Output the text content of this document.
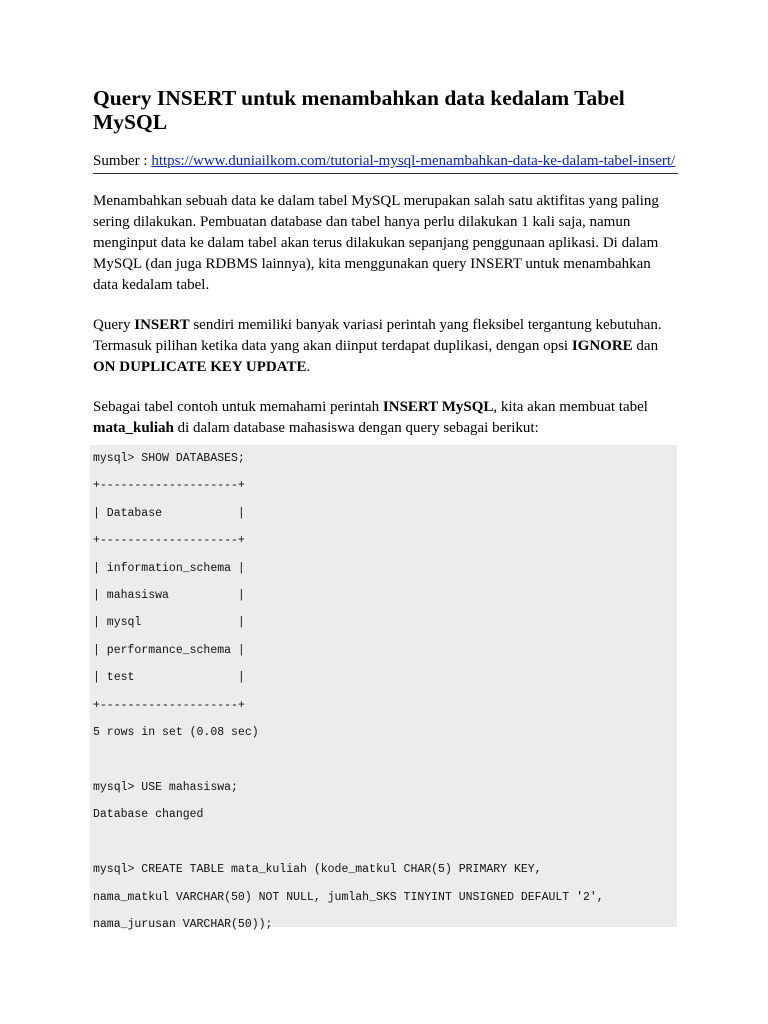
Query INSERT untuk menambahkan data kedalam Tabel MySQL
Sumber : https://www.duniailkom.com/tutorial-mysql-menambahkan-data-ke-dalam-tabel-insert/

Menambahkan sebuah data ke dalam tabel MySQL merupakan salah satu aktifitas yang paling sering dilakukan. Pembuatan database dan tabel hanya perlu dilakukan 1 kali saja, namun menginput data ke dalam tabel akan terus dilakukan sepanjang penggunaan aplikasi. Di dalam MySQL (dan juga RDBMS lainnya), kita menggunakan query INSERT untuk menambahkan data kedalam tabel.

Query INSERT sendiri memiliki banyak variasi perintah yang fleksibel tergantung kebutuhan. Termasuk pilihan ketika data yang akan diinput terdapat duplikasi, dengan opsi IGNORE dan ON DUPLICATE KEY UPDATE.

Sebagai tabel contoh untuk memahami perintah INSERT MySQL, kita akan membuat tabel mata_kuliah di dalam database mahasiswa dengan query sebagai berikut:

mysql> SHOW DATABASES;
+--------------------+
| Database           |
+--------------------+
| information_schema |
| mahasiswa          |
| mysql              |
| performance_schema |
| test               |
+--------------------+
5 rows in set (0.08 sec)

mysql> USE mahasiswa;
Database changed

mysql> CREATE TABLE mata_kuliah (kode_matkul CHAR(5) PRIMARY KEY,
nama_matkul VARCHAR(50) NOT NULL, jumlah_SKS TINYINT UNSIGNED DEFAULT '2',
nama_jurusan VARCHAR(50));
